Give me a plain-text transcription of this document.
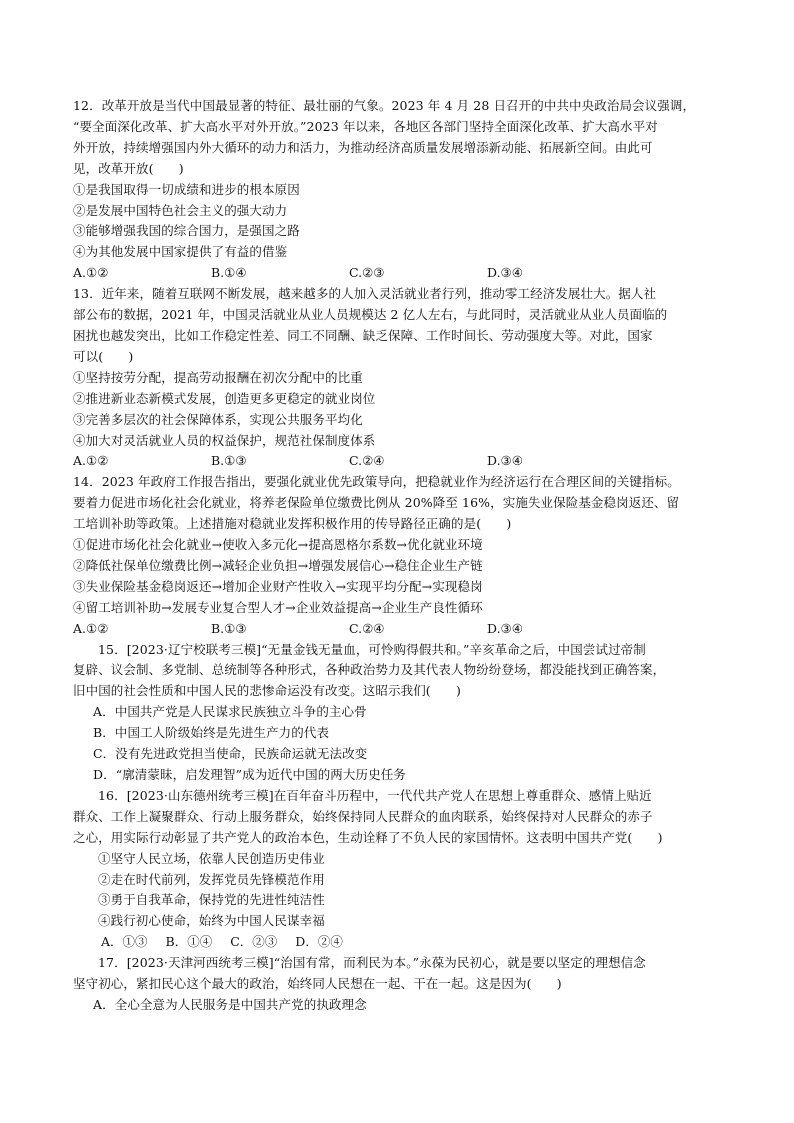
12．改革开放是当代中国最显著的特征、最壮丽的气象。2023 年 4 月 28 日召开的中共中央政治局会议强调，
“要全面深化改革、扩大高水平对外开放。”2023 年以来，各地区各部门坚持全面深化改革、扩大高水平对
外开放，持续增强国内外大循环的动力和活力，为推动经济高质量发展增添新动能、拓展新空间。由此可
见，改革开放(　　)
①是我国取得一切成绩和进步的根本原因
②是发展中国特色社会主义的强大动力
③能够增强我国的综合国力，是强国之路
④为其他发展中国家提供了有益的借鉴
A.①②	B.①④	C.②③	D.③④
13．近年来，随着互联网不断发展，越来越多的人加入灵活就业者行列，推动零工经济发展壮大。据人社
部公布的数据，2021 年，中国灵活就业从业人员规模达 2 亿人左右，与此同时，灵活就业从业人员面临的
困扰也越发突出，比如工作稳定性差、同工不同酬、缺乏保障、工作时间长、劳动强度大等。对此，国家
可以(　　)
①坚持按劳分配，提高劳动报酬在初次分配中的比重
②推进新业态新模式发展，创造更多更稳定的就业岗位
③完善多层次的社会保障体系，实现公共服务平均化
④加大对灵活就业人员的权益保护，规范社保制度体系
A.①②	B.①③	C.②④	D.③④
14．2023 年政府工作报告指出，要强化就业优先政策导向，把稳就业作为经济运行在合理区间的关键指标。
要着力促进市场化社会化就业，将养老保险单位缴费比例从 20%降至 16%，实施失业保险基金稳岗返还、留
工培训补助等政策。上述措施对稳就业发挥积极作用的传导路径正确的是(　　)
①促进市场化社会化就业→使收入多元化→提高恩格尔系数→优化就业环境
②降低社保单位缴费比例→减轻企业负担→增强发展信心→稳住企业生产链
③失业保险基金稳岗返还→增加企业财产性收入→实现平均分配→实现稳岗
④留工培训补助→发展专业复合型人才→企业效益提高→企业生产良性循环
A.①②	B.①③	C.②④	D.③④
15．[2023·辽宁校联考三模]“无量金钱无量血，可怜购得假共和。”辛亥革命之后，中国尝试过帝制
复辟、议会制、多党制、总统制等各种形式，各种政治势力及其代表人物纷纷登场，都没能找到正确答案，
旧中国的社会性质和中国人民的悲惨命运没有改变。这昭示我们(　　)
A．中国共产党是人民谋求民族独立斗争的主心骨
B．中国工人阶级始终是先进生产力的代表
C．没有先进政党担当使命，民族命运就无法改变
D．“廓清蒙昧，启发理智”成为近代中国的两大历史任务
16．[2023·山东德州统考三模]在百年奋斗历程中，一代代共产党人在思想上尊重群众、感情上贴近
群众、工作上凝聚群众、行动上服务群众，始终保持同人民群众的血肉联系，始终保持对人民群众的赤子
之心，用实际行动彰显了共产党人的政治本色，生动诠释了不负人民的家国情怀。这表明中国共产党(　　)
①坚守人民立场，依靠人民创造历史伟业
②走在时代前列，发挥党员先锋模范作用
③勇于自我革命，保持党的先进性纯洁性
④践行初心使命，始终为中国人民谋幸福
A．①③ B．①④ C．②③ D．②④
17．[2023·天津河西统考三模]“治国有常，而利民为本。”永葆为民初心，就是要以坚定的理想信念
坚守初心，紧扣民心这个最大的政治，始终同人民想在一起、干在一起。这是因为(　　)
A．全心全意为人民服务是中国共产党的执政理念
